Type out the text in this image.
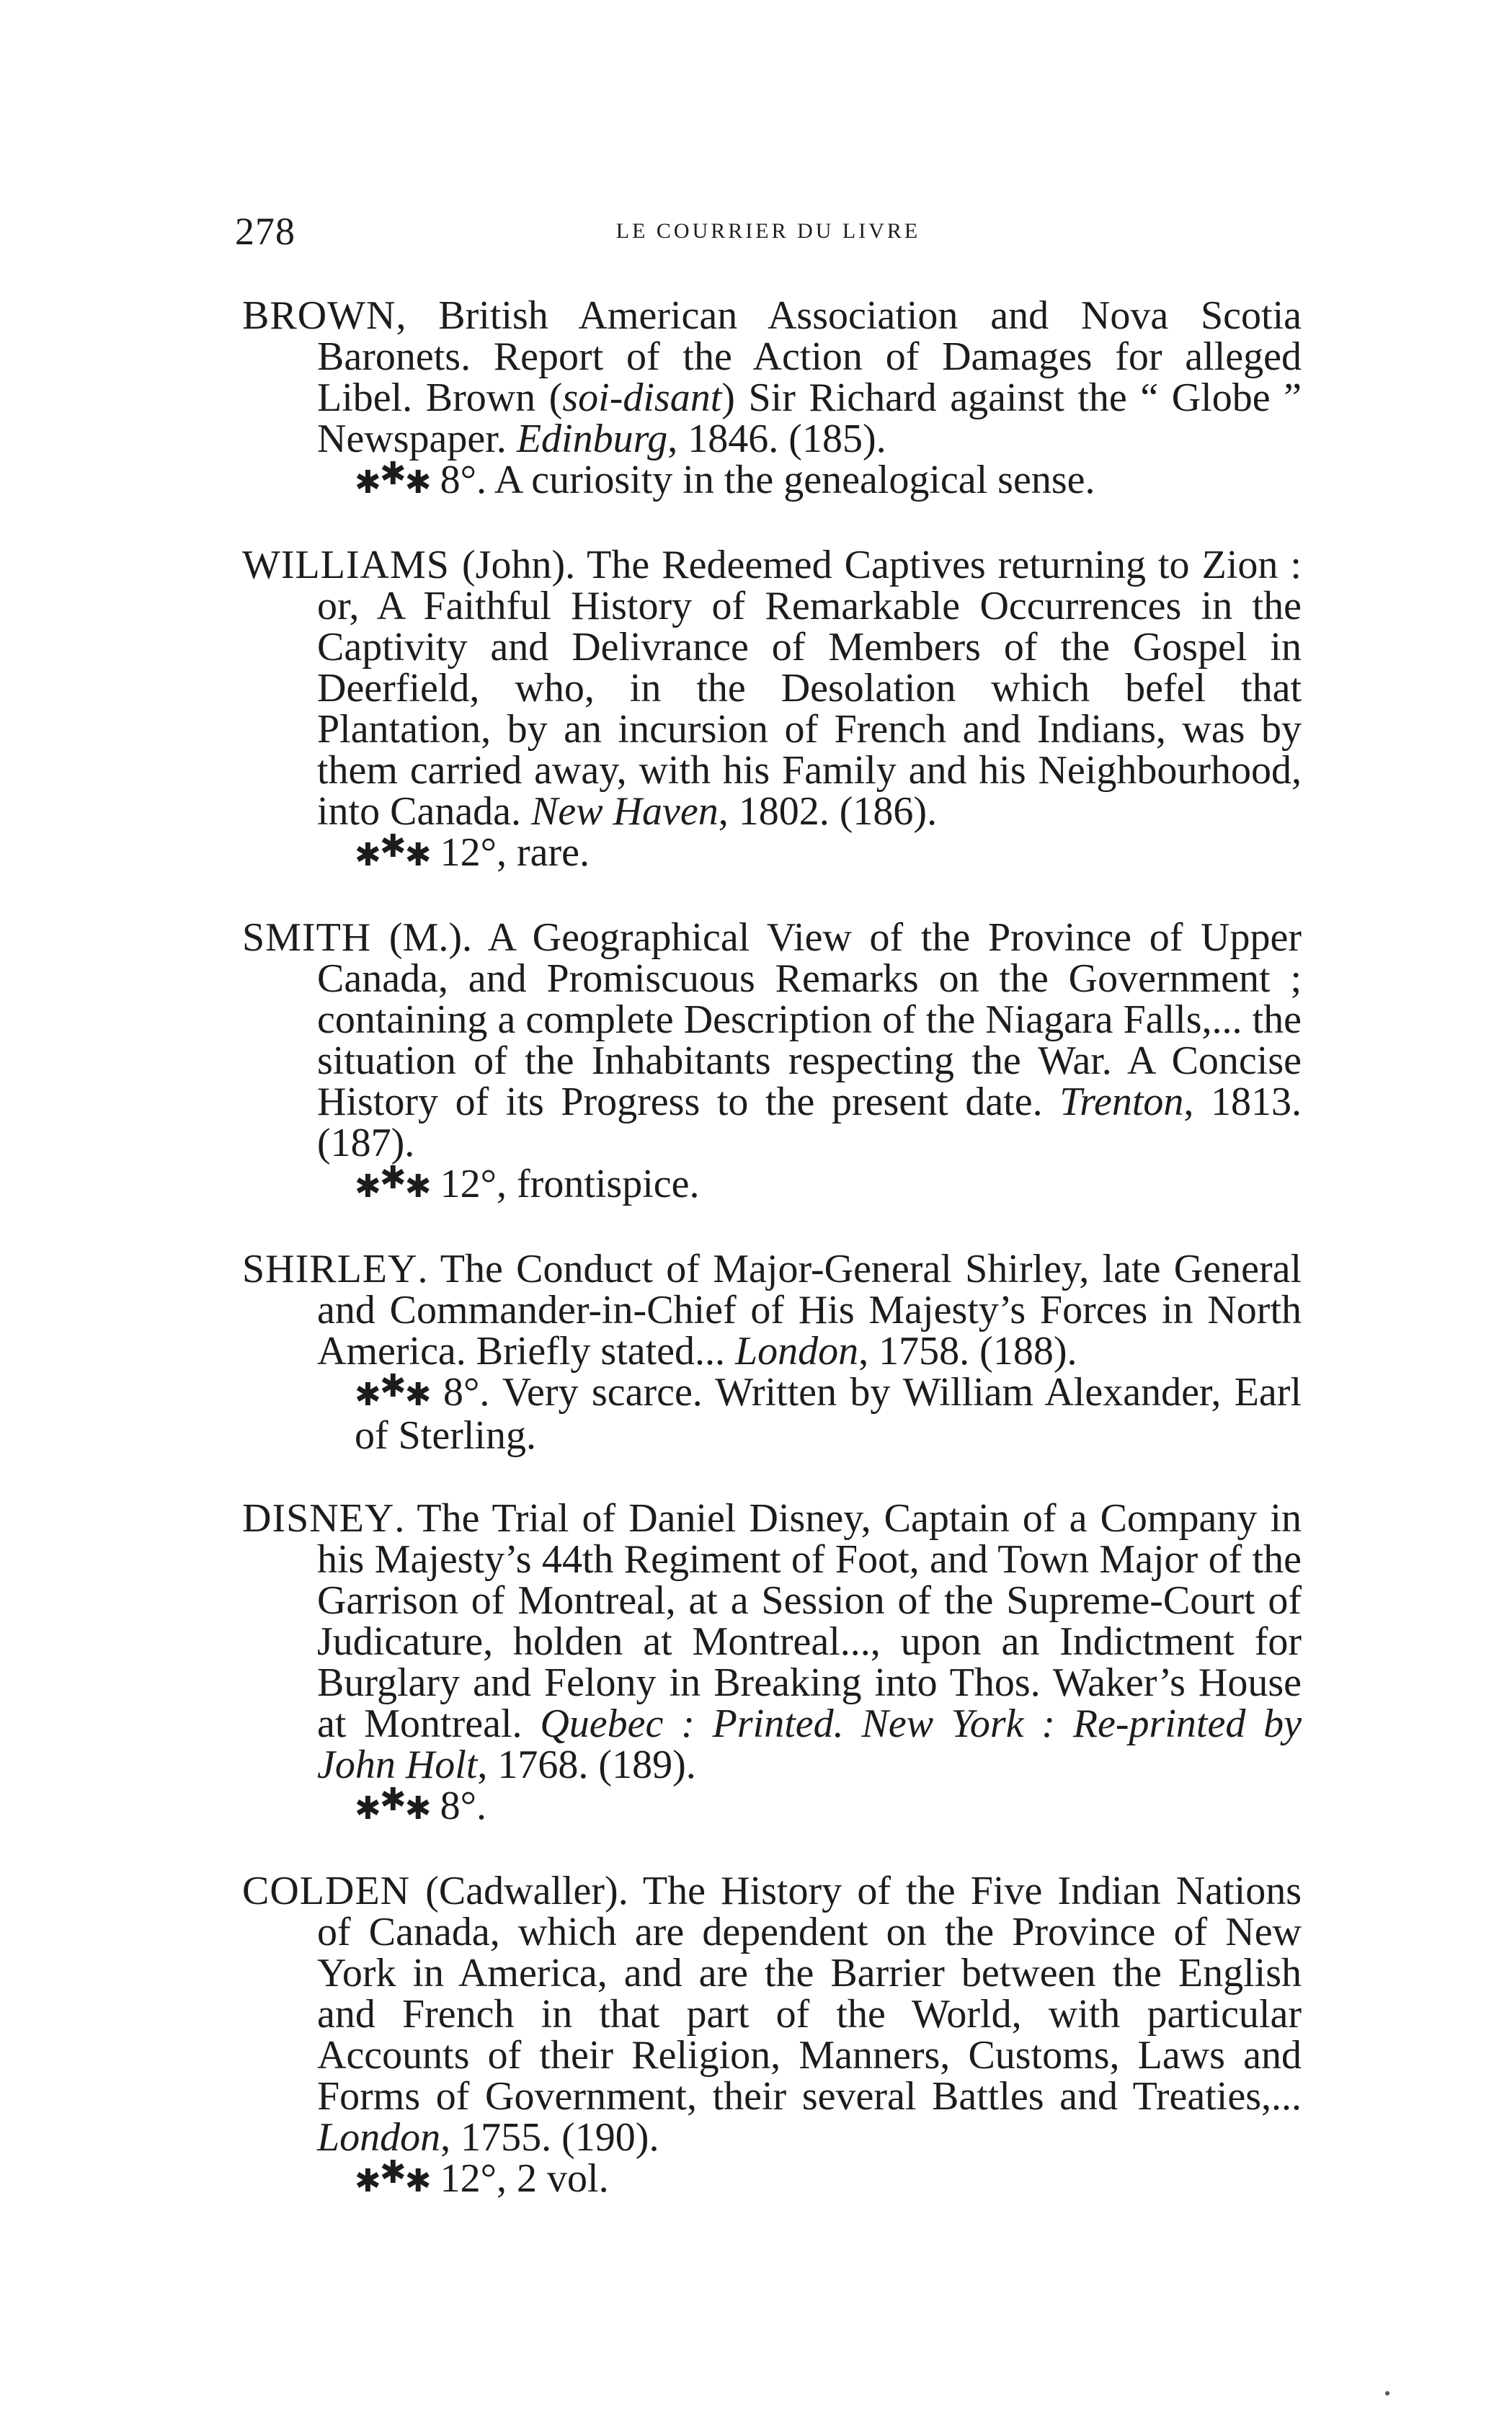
278	LE COURRIER DU LIVRE

BROWN, British American Association and Nova Scotia Baronets. Report of the Action of Damages for alleged Libel. Brown (soi-disant) Sir Richard against the “ Globe ” Newspaper. Edinburg, 1846. (185).
✱✱✱ 8°. A curiosity in the genealogical sense.

WILLIAMS (John). The Redeemed Captives returning to Zion : or, A Faithful History of Remarkable Occurrences in the Captivity and Delivrance of Members of the Gospel in Deerfield, who, in the Desolation which befel that Plantation, by an incursion of French and Indians, was by them carried away, with his Family and his Neighbourhood, into Canada. New Haven, 1802. (186).
✱✱✱ 12°, rare.

SMITH (M.). A Geographical View of the Province of Upper Canada, and Promiscuous Remarks on the Government ; containing a complete Description of the Niagara Falls,... the situation of the Inhabitants respecting the War. A Concise History of its Progress to the present date. Trenton, 1813. (187).
✱✱✱ 12°, frontispice.

SHIRLEY. The Conduct of Major-General Shirley, late General and Commander-in-Chief of His Majesty’s Forces in North America. Briefly stated... London, 1758. (188).
✱✱✱ 8°. Very scarce. Written by William Alexander, Earl of Sterling.

DISNEY. The Trial of Daniel Disney, Captain of a Company in his Majesty’s 44th Regiment of Foot, and Town Major of the Garrison of Montreal, at a Session of the Supreme-Court of Judicature, holden at Montreal..., upon an Indictment for Burglary and Felony in Breaking into Thos. Waker’s House at Montreal. Quebec : Printed. New York : Re-printed by John Holt, 1768. (189).
✱✱✱ 8°.

COLDEN (Cadwaller). The History of the Five Indian Nations of Canada, which are dependent on the Province of New York in America, and are the Barrier between the English and French in that part of the World, with particular Accounts of their Religion, Manners, Customs, Laws and Forms of Government, their several Battles and Treaties,... London, 1755. (190).
✱✱✱ 12°, 2 vol.
